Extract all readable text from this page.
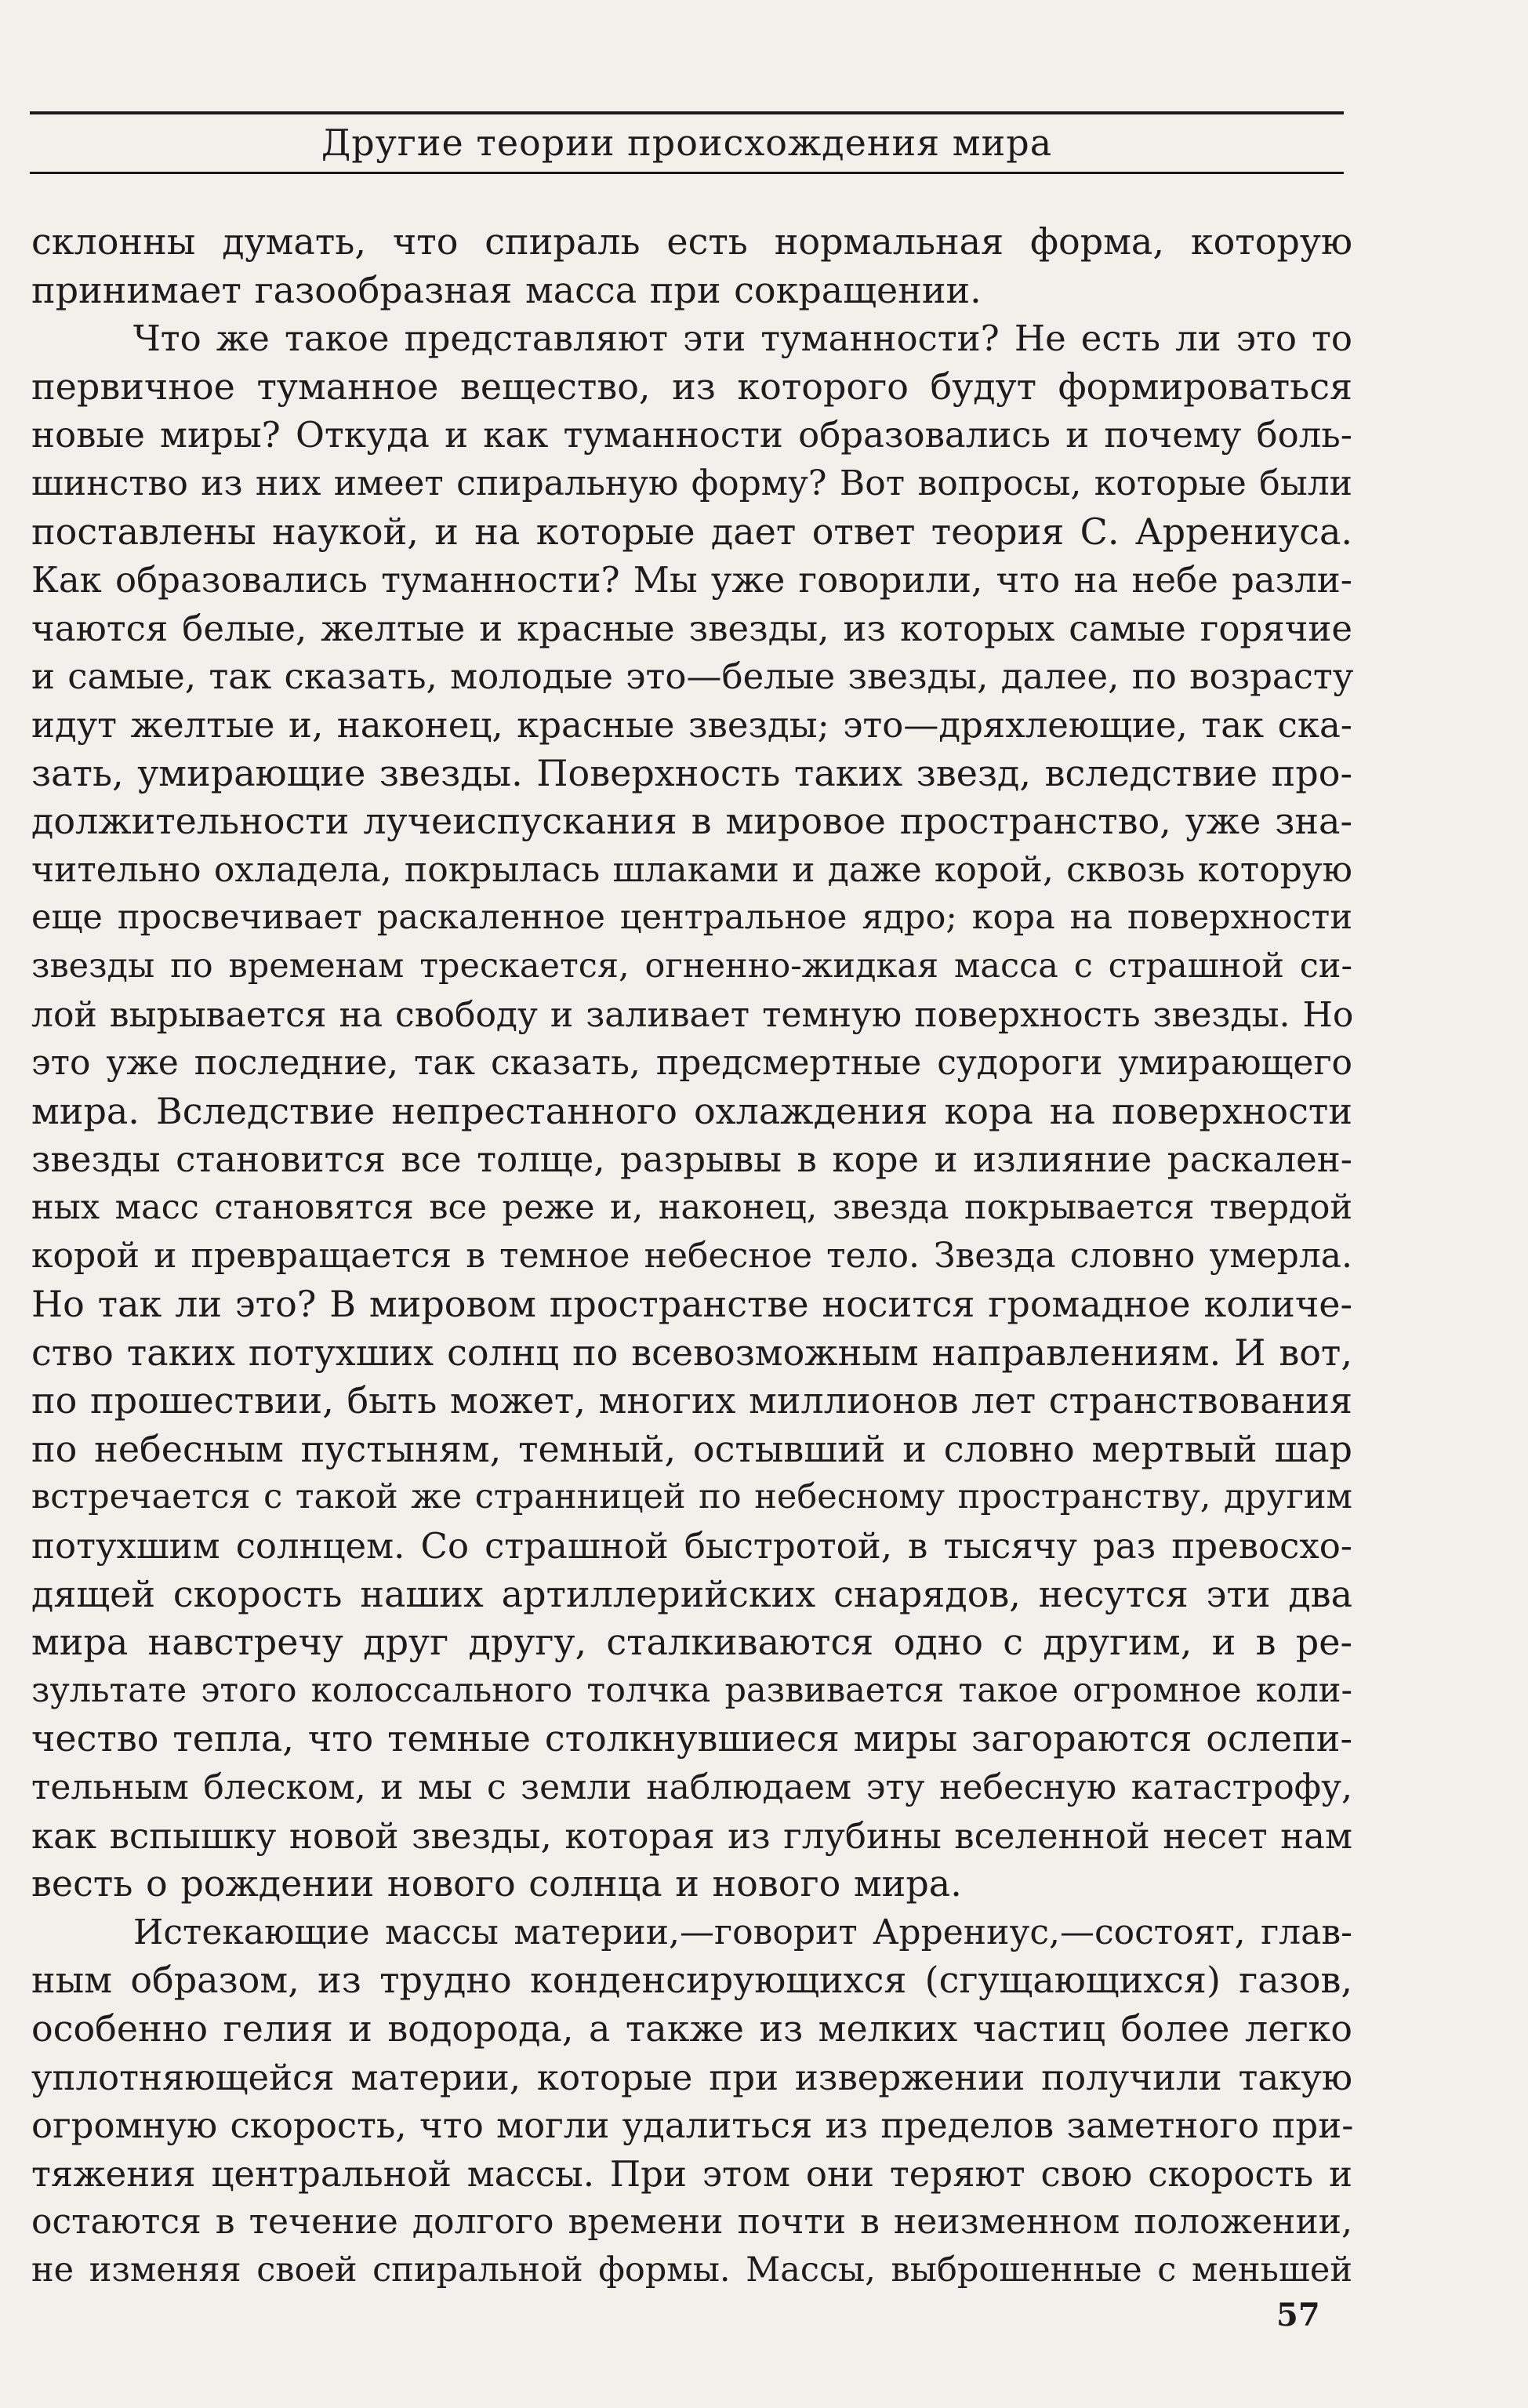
Другие теории происхождения мира
склонны думать, что спираль есть нормальная форма, которую
принимает газообразная масса при сокращении.
Что же такое представляют эти туманности? Не есть ли это то
первичное туманное вещество, из которого будут формироваться
новые миры? Откуда и как туманности образовались и почему боль-
шинство из них имеет спиральную форму? Вот вопросы, которые были
поставлены наукой, и на которые дает ответ теория С. Аррениуса.
Как образовались туманности? Мы уже говорили, что на небе разли-
чаются белые, желтые и красные звезды, из которых самые горячие
и самые, так сказать, молодые это—белые звезды, далее, по возрасту
идут желтые и, наконец, красные звезды; это—дряхлеющие, так ска-
зать, умирающие звезды. Поверхность таких звезд, вследствие про-
должительности лучеиспускания в мировое пространство, уже зна-
чительно охладела, покрылась шлаками и даже корой, сквозь которую
еще просвечивает раскаленное центральное ядро; кора на поверхности
звезды по временам трескается, огненно-жидкая масса с страшной си-
лой вырывается на свободу и заливает темную поверхность звезды. Но
это уже последние, так сказать, предсмертные судороги умирающего
мира. Вследствие непрестанного охлаждения кора на поверхности
звезды становится все толще, разрывы в коре и излияние раскален-
ных масс становятся все реже и, наконец, звезда покрывается твердой
корой и превращается в темное небесное тело. Звезда словно умерла.
Но так ли это? В мировом пространстве носится громадное количе-
ство таких потухших солнц по всевозможным направлениям. И вот,
по прошествии, быть может, многих миллионов лет странствования
по небесным пустыням, темный, остывший и словно мертвый шар
встречается с такой же странницей по небесному пространству, другим
потухшим солнцем. Со страшной быстротой, в тысячу раз превосхо-
дящей скорость наших артиллерийских снарядов, несутся эти два
мира навстречу друг другу, сталкиваются одно с другим, и в ре-
зультате этого колоссального толчка развивается такое огромное коли-
чество тепла, что темные столкнувшиеся миры загораются ослепи-
тельным блеском, и мы с земли наблюдаем эту небесную катастрофу,
как вспышку новой звезды, которая из глубины вселенной несет нам
весть о рождении нового солнца и нового мира.
Истекающие массы материи,—говорит Аррениус,—состоят, глав-
ным образом, из трудно конденсирующихся (сгущающихся) газов,
особенно гелия и водорода, а также из мелких частиц более легко
уплотняющейся материи, которые при извержении получили такую
огромную скорость, что могли удалиться из пределов заметного при-
тяжения центральной массы. При этом они теряют свою скорость и
остаются в течение долгого времени почти в неизменном положении,
не изменяя своей спиральной формы. Массы, выброшенные с меньшей
57
